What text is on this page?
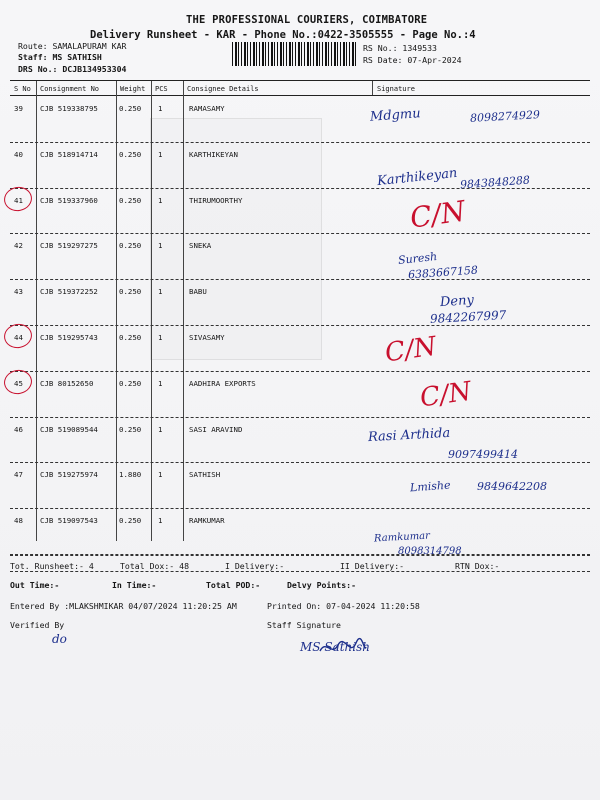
THE PROFESSIONAL COURIERS, COIMBATORE
Delivery Runsheet - KAR - Phone No.:0422-3505555 - Page No.:4
Route: SAMALAPURAM KAR
Staff: MS SATHISH
DRS No.: DCJB134953304
RS No.: 1349533
RS Date: 07-Apr-2024
S No Consignment No	Weight PCS	Consignee Details	Signature
39 CJB 519338795	0.250 1	RAMASAMY	Mdgmu	8098274929
40 CJB 518914714	0.250 1	KARTHIKEYAN
Karthikeyan 9843848288
41 CJB 519337960	0.250 1	THIRUMOORTHY	C/N
42 CJB 519297275	0.250 1	SNEKA
Suresh
6383667158
43 CJB 519372252	0.250 1	BABU
Deny
9842267997
44 CJB 519295743	0.250 1	SIVASAMY	C/N
45 CJB 80152650	0.250 1	AADHIRA EXPORTS	C/N
46 CJB 519089544	0.250 1	SASI ARAVIND	Rasi Arthida
9097499414
47 CJB 519275974	1.880 1	SATHISH
Lmishe 9849642208
48 CJB 519097543	0.250 1	RAMKUMAR
Ramkumar
8098314798
Tot. Runsheet:- 4	Total Dox:- 48	I Delivery:-	II Delivery:-	RTN Dox:-
Out Time:-	In Time:-	Total POD:-	Delvy Points:-
Entered By :MLAKSHMIKAR 04/07/2024 11:20:25 AM	Printed On: 07-04-2024 11:20:58
Verified By	Staff Signature
do
MS Sathish
